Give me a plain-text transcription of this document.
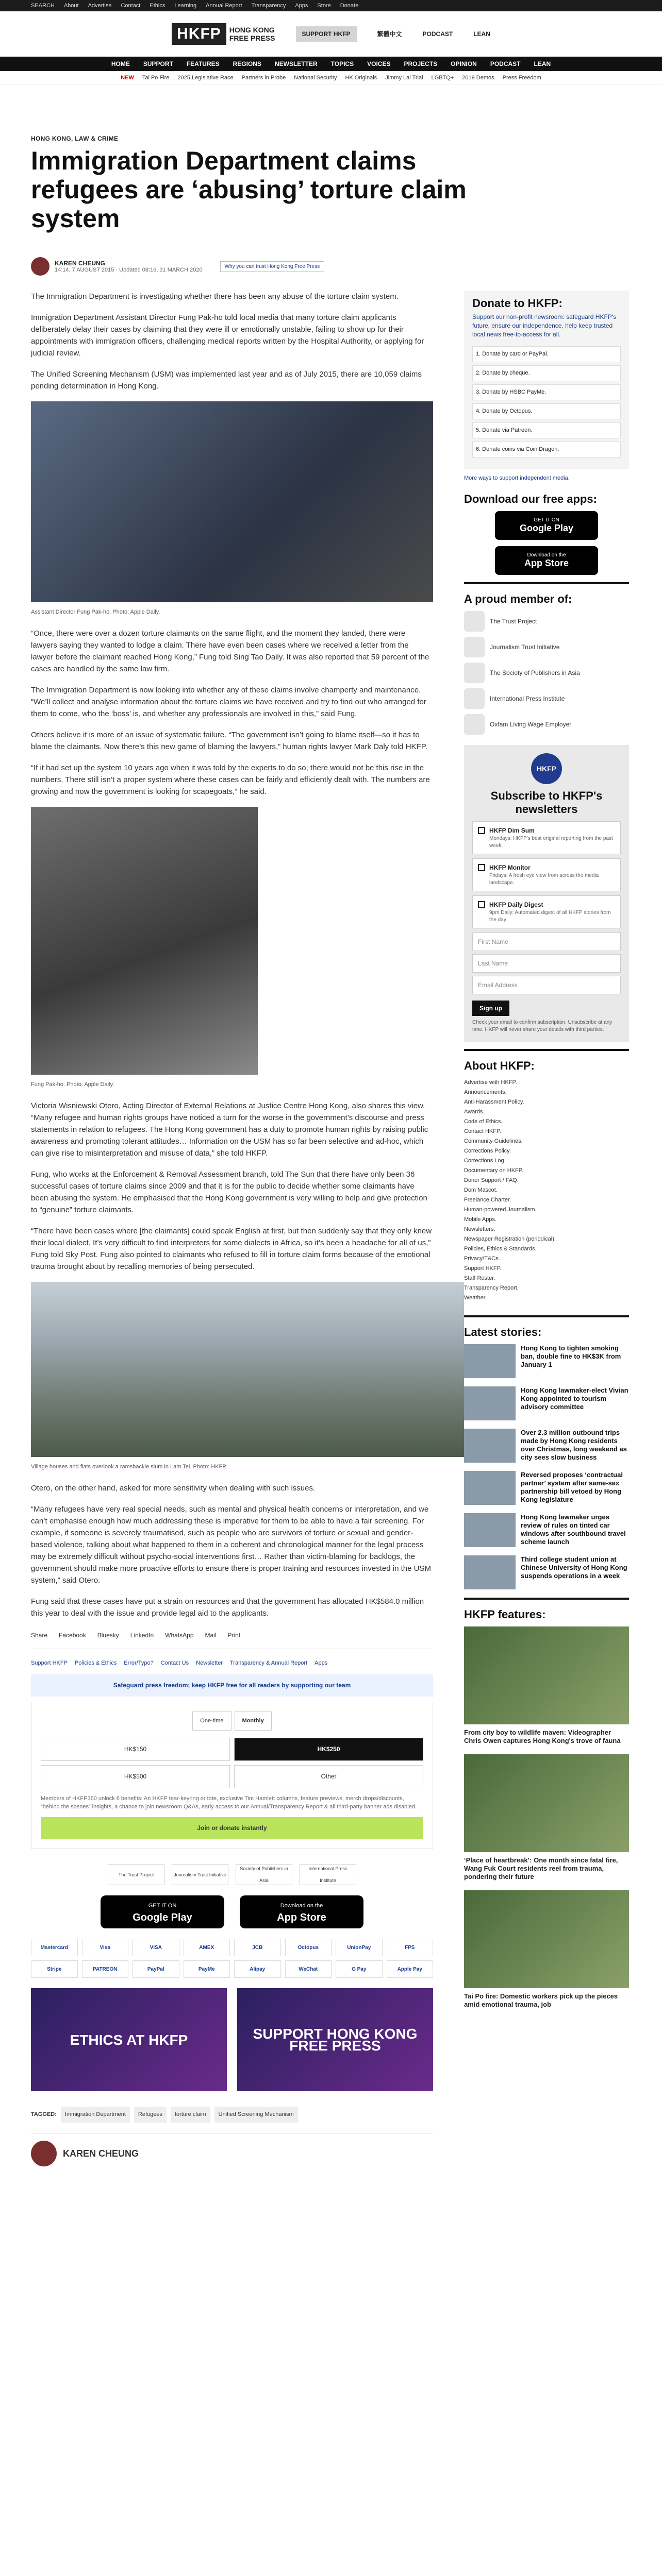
SEARCH About Advertise Contact Ethics Learning Annual Report Transparency Apps Store Donate
HKFP	HONG KONG
FREE PRESS	SUPPORT HKFP	繁體中文	PODCAST	LEAN
HOME SUPPORT FEATURES REGIONS NEWSLETTER TOPICS VOICES PROJECTS OPINION PODCAST LEAN
NEW Tai Po Fire 2025 Legislative Race Partners in Probe National Security HK Originals Jimmy Lai Trial LGBTQ+ 2019 Demos Press Freedom
HONG KONG, LAW & CRIME
Immigration Department claims refugees are ‘abusing’ torture claim system
KAREN CHEUNG
14:14, 7 AUGUST 2015 · Updated 08:16, 31 MARCH 2020
Why you can trust Hong Kong Free Press

The Immigration Department is investigating whether there has been any abuse of the torture claim system.

Immigration Department Assistant Director Fung Pak-ho told local media that many torture claim applicants deliberately delay their cases by claiming that they were ill or emotionally unstable, failing to show up for their appointments with immigration officers, challenging medical reports written by the Hospital Authority, or applying for judicial review.

The Unified Screening Mechanism (USM) was implemented last year and as of July 2015, there are 10,059 claims pending determination in Hong Kong.

Assistant Director Fung Pak-ho. Photo: Apple Daily.

“Once, there were over a dozen torture claimants on the same flight, and the moment they landed, there were lawyers saying they wanted to lodge a claim. There have even been cases where we received a letter from the lawyer before the claimant reached Hong Kong,” Fung told Sing Tao Daily. It was also reported that 59 percent of the cases are handled by the same law firm.

The Immigration Department is now looking into whether any of these claims involve champerty and maintenance. “We’ll collect and analyse information about the torture claims we have received and try to find out who arranged for them to come, who the ‘boss’ is, and whether any professionals are involved in this,” said Fung.

Others believe it is more of an issue of systematic failure. “The government isn’t going to blame itself—so it has to blame the claimants. Now there’s this new game of blaming the lawyers,” human rights lawyer Mark Daly told HKFP.

“If it had set up the system 10 years ago when it was told by the experts to do so, there would not be this rise in the numbers. There still isn’t a proper system where these cases can be fairly and efficiently dealt with. The numbers are growing and now the government is looking for scapegoats,” he said.

Fung Pak-ho. Photo: Apple Daily.

Victoria Wisniewski Otero, Acting Director of External Relations at Justice Centre Hong Kong, also shares this view. “Many refugee and human rights groups have noticed a turn for the worse in the government’s discourse and press statements in relation to refugees. The Hong Kong government has a duty to promote human rights by raising public awareness and promoting tolerant attitudes… Information on the USM has so far been selective and ad-hoc, which can give rise to misinterpretation and misuse of data,” she told HKFP.

Fung, who works at the Enforcement & Removal Assessment branch, told The Sun that there have only been 36 successful cases of torture claims since 2009 and that it is for the public to decide whether some claimants have been abusing the system. He emphasised that the Hong Kong government is very willing to help and give protection to “genuine” torture claimants.

“There have been cases where [the claimants] could speak English at first, but then suddenly say that they only knew their local dialect. It’s very difficult to find interpreters for some dialects in Africa, so it’s been a headache for all of us,” Fung told Sky Post. Fung also pointed to claimants who refused to fill in torture claim forms because of the emotional trauma brought about by recalling memories of being persecuted.

Village houses and flats overlook a ramshackle slum in Lam Tei. Photo: HKFP.

Otero, on the other hand, asked for more sensitivity when dealing with such issues.

“Many refugees have very real special needs, such as mental and physical health concerns or interpretation, and we can’t emphasise enough how much addressing these is imperative for them to be able to have a fair screening. For example, if someone is severely traumatised, such as people who are survivors of torture or sexual and gender-based violence, talking about what happened to them in a coherent and chronological manner for the legal process may be extremely difficult without psycho-social interventions first… Rather than victim-blaming for backlogs, the government should make more proactive efforts to ensure there is proper training and resources invested in the USM system,” said Otero.

Fung said that these cases have put a strain on resources and that the government has allocated HK$584.0 million this year to deal with the issue and provide legal aid to the applicants.

Share Facebook Bluesky LinkedIn WhatsApp Mail Print
Support HKFP Policies & Ethics Error/Typo? Contact Us Newsletter Transparency & Annual Report Apps
Safeguard press freedom; keep HKFP free for all readers by supporting our team
One-time	Monthly
HK$150	HK$250
HK$500	Other
Members of HKFP360 unlock 6 benefits: An HKFP tear-keyring or tote, exclusive Tim Hamlett columns, feature previews, merch drops/discounts, “behind the scenes” insights, a chance to join newsroom Q&As, early access to our Annual/Transparency Report & all third-party banner ads disabled.
Join or donate instantly
The Trust Project	Journalism Trust Initiative
Society of Publishers in Asia
International Press Institute
GET IT ON
Google Play
Download on the
App Store
Mastercard	Visa	VISA	AMEX	JCB	Octopus	UnionPay	FPS
Stripe	PATREON	PayPal	PayMe	Alipay	WeChat	G Pay	Apple Pay
ETHICS AT HKFP	SUPPORT HONG KONG FREE PRESS
TAGGED:	Immigration Department	Refugees	torture claim	Unified Screening Mechanism
KAREN CHEUNG
Donate to HKFP:
Support our non-profit newsroom: safeguard HKFP's future, ensure our independence, help keep trusted local news free-to-access for all.
1. Donate by card or PayPal.
2. Donate by cheque.
3. Donate by HSBC PayMe.
4. Donate by Octopus.
5. Donate via Patreon.
6. Donate coins via Coin Dragon.
More ways to support independent media.
Download our free apps:
GET IT ON
Google Play
Download on the
App Store
A proud member of:
The Trust Project
Journalism Trust Initiative
The Society of Publishers in Asia
International Press Institute
Oxfam Living Wage Employer
HKFP
Subscribe to HKFP's newsletters
HKFP Dim Sum
Mondays: HKFP's best original reporting from the past week.
HKFP Monitor
Fridays: A fresh eye view from across the media landscape.
HKFP Daily Digest
9pm Daily: Automated digest of all HKFP stories from the day.
First Name
Last Name
Email Address
Sign up
Check your email to confirm subscription. Unsubscribe at any time. HKFP will never share your details with third parties.
About HKFP:
Advertise with HKFP.
Announcements.
Anti-Harassment Policy.
Awards.
Code of Ethics.
Contact HKFP.
Community Guidelines.
Corrections Policy.
Corrections Log.
Documentary on HKFP.
Donor Support / FAQ.
Dom Mascot.
Freelance Charter.
Human-powered Journalism.
Mobile Apps.
Newsletters.
Newspaper Registration (periodical).
Policies, Ethics & Standards.
Privacy/T&Cs.
Support HKFP.
Staff Roster.
Transparency Report.
Weather.
Latest stories:
Hong Kong to tighten smoking ban, double fine to HK$3K from January 1
Hong Kong lawmaker-elect Vivian Kong appointed to tourism advisory committee
Over 2.3 million outbound trips made by Hong Kong residents over Christmas, long weekend as city sees slow business
Reversed proposes ‘contractual partner’ system after same-sex partnership bill vetoed by Hong Kong legislature
Hong Kong lawmaker urges review of rules on tinted car windows after southbound travel scheme launch
Third college student union at Chinese University of Hong Kong suspends operations in a week
HKFP features:
From city boy to wildlife maven: Videographer Chris Owen captures Hong Kong's trove of fauna
‘Place of heartbreak’: One month since fatal fire, Wang Fuk Court residents reel from trauma, pondering their future
Tai Po fire: Domestic workers pick up the pieces amid emotional trauma, job
